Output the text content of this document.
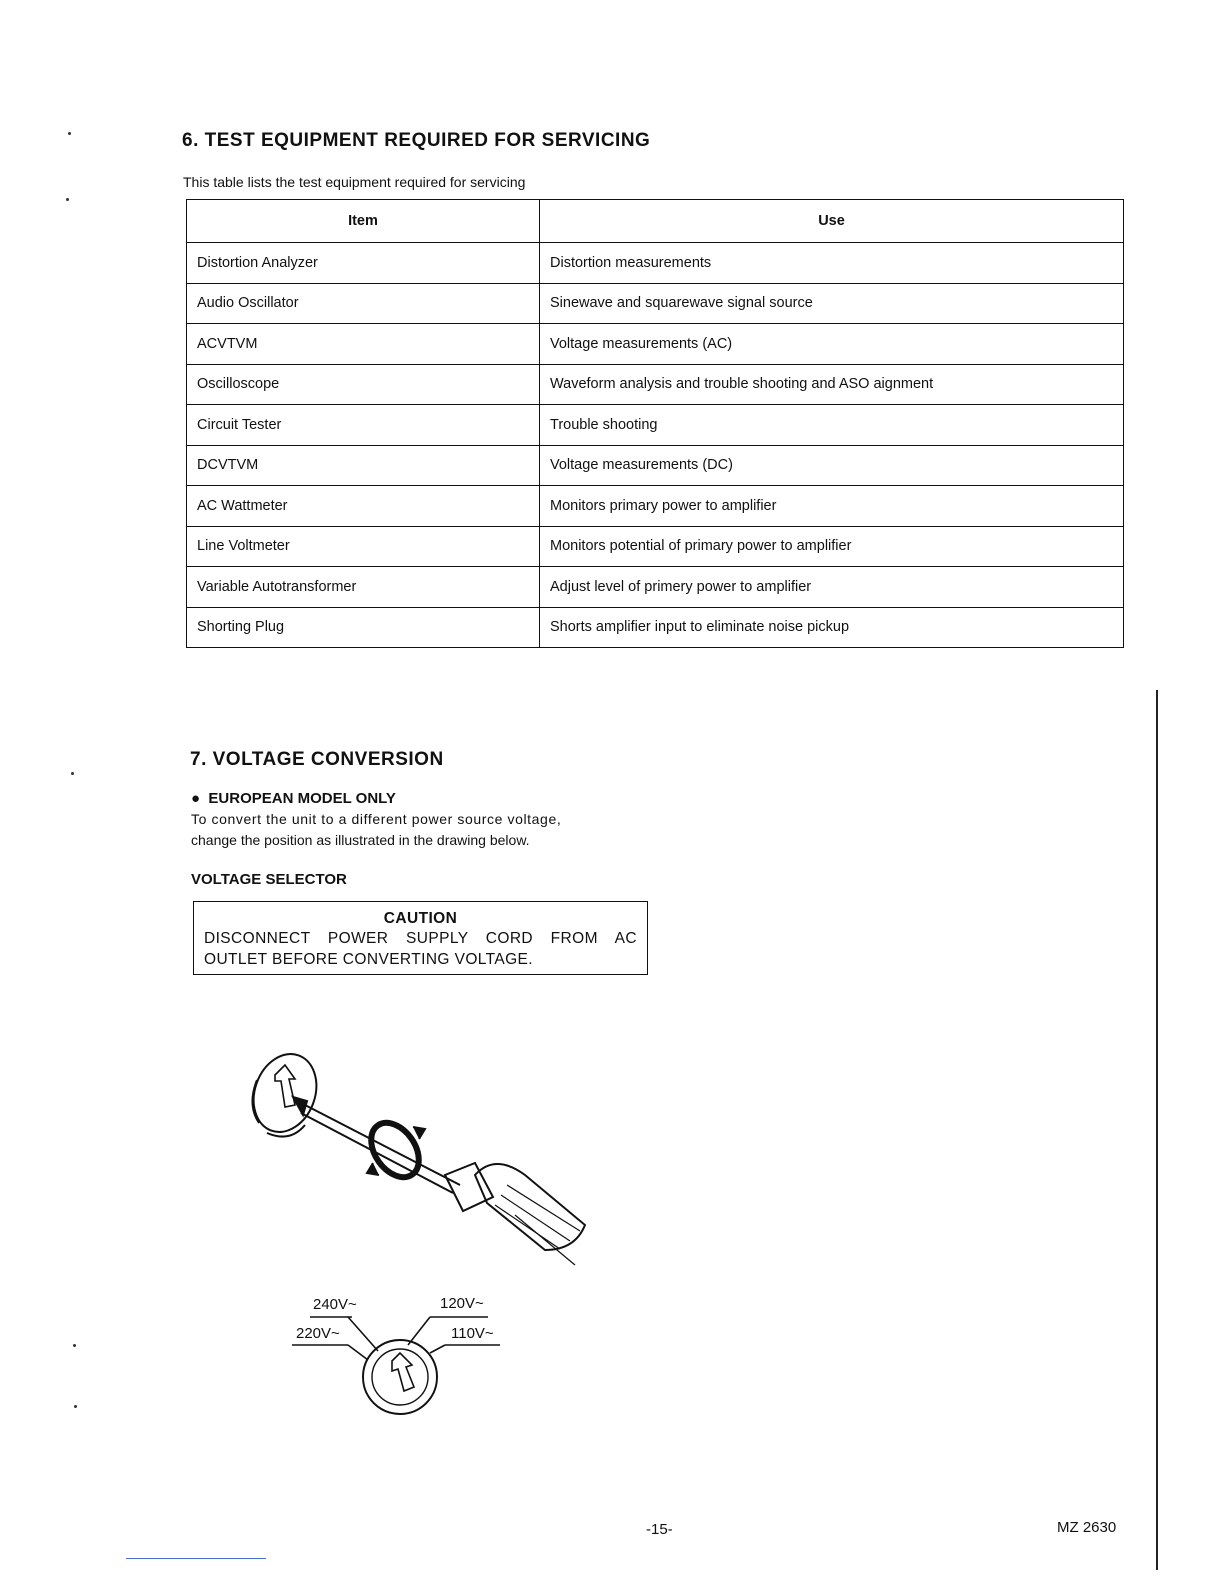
6. TEST EQUIPMENT REQUIRED FOR SERVICING
This table lists the test equipment required for servicing
Item	Use
Distortion Analyzer	Distortion measurements
Audio Oscillator	Sinewave and squarewave signal source
ACVTVM	Voltage measurements (AC)
Oscilloscope	Waveform analysis and trouble shooting and ASO aignment
Circuit Tester	Trouble shooting
DCVTVM	Voltage measurements (DC)
AC Wattmeter	Monitors primary power to amplifier
Line Voltmeter	Monitors potential of primary power to amplifier
Variable Autotransformer	Adjust level of primery power to amplifier
Shorting Plug	Shorts amplifier input to eliminate noise pickup
7. VOLTAGE CONVERSION
●  EUROPEAN MODEL ONLY
To convert the unit to a different power source voltage,
change the position as illustrated in the drawing below.
VOLTAGE SELECTOR
CAUTION
DISCONNECT POWER SUPPLY CORD FROM AC OUTLET BEFORE CONVERTING VOLTAGE.
240V~	120V~
220V~	110V~
-15-	MZ 2630
